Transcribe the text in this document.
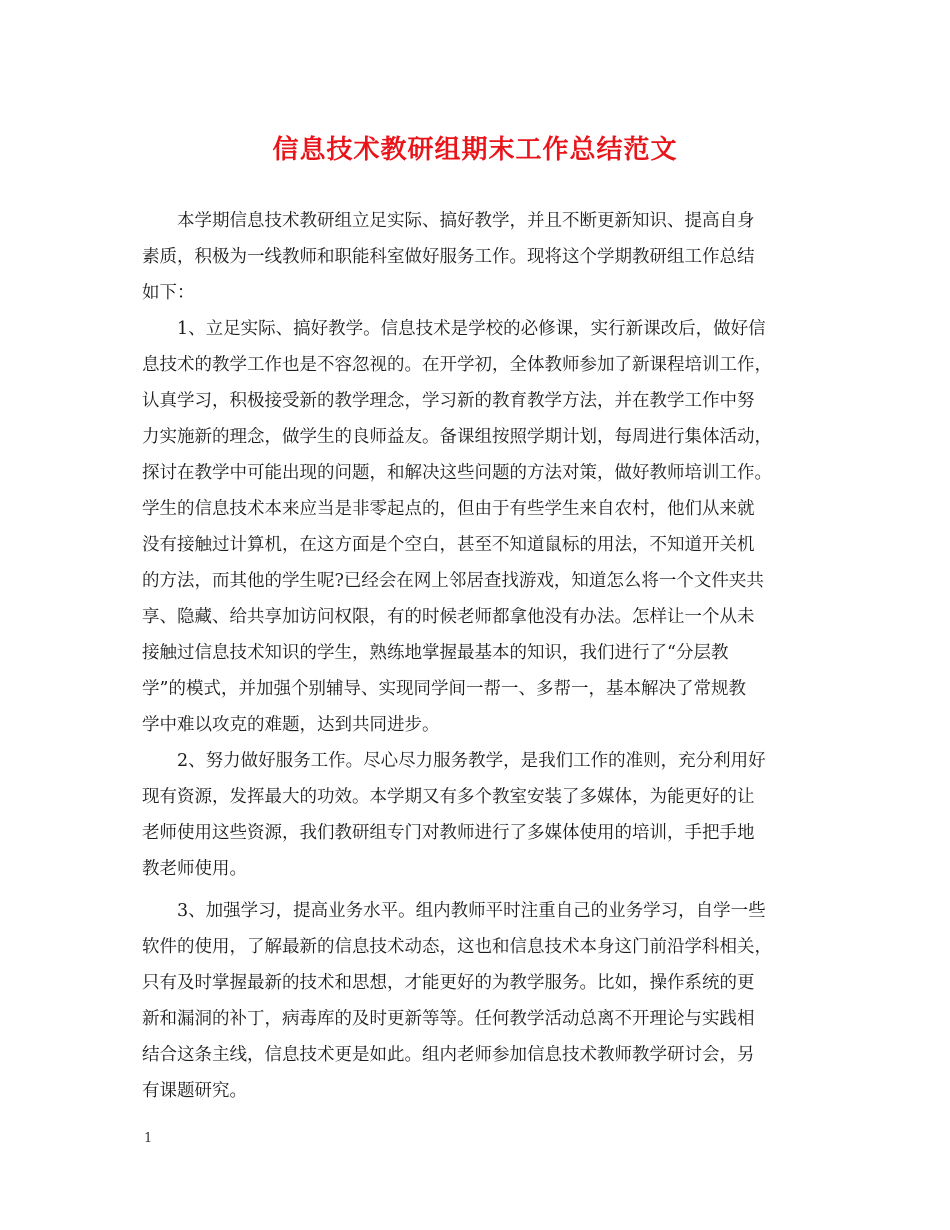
信息技术教研组期末工作总结范文
本学期信息技术教研组立足实际、搞好教学，并且不断更新知识、提高自身
素质，积极为一线教师和职能科室做好服务工作。现将这个学期教研组工作总结
如下：
1、立足实际、搞好教学。信息技术是学校的必修课，实行新课改后，做好信
息技术的教学工作也是不容忽视的。在开学初，全体教师参加了新课程培训工作，
认真学习，积极接受新的教学理念，学习新的教育教学方法，并在教学工作中努
力实施新的理念，做学生的良师益友。备课组按照学期计划，每周进行集体活动，
探讨在教学中可能出现的问题，和解决这些问题的方法对策，做好教师培训工作。
学生的信息技术本来应当是非零起点的，但由于有些学生来自农村，他们从来就
没有接触过计算机，在这方面是个空白，甚至不知道鼠标的用法，不知道开关机
的方法，而其他的学生呢?已经会在网上邻居查找游戏，知道怎么将一个文件夹共
享、隐藏、给共享加访问权限，有的时候老师都拿他没有办法。怎样让一个从未
接触过信息技术知识的学生，熟练地掌握最基本的知识，我们进行了“分层教
学”的模式，并加强个别辅导、实现同学间一帮一、多帮一，基本解决了常规教
学中难以攻克的难题，达到共同进步。
2、努力做好服务工作。尽心尽力服务教学，是我们工作的准则，充分利用好
现有资源，发挥最大的功效。本学期又有多个教室安装了多媒体，为能更好的让
老师使用这些资源，我们教研组专门对教师进行了多媒体使用的培训，手把手地
教老师使用。
3、加强学习，提高业务水平。组内教师平时注重自己的业务学习，自学一些
软件的使用，了解最新的信息技术动态，这也和信息技术本身这门前沿学科相关，
只有及时掌握最新的技术和思想，才能更好的为教学服务。比如，操作系统的更
新和漏洞的补丁，病毒库的及时更新等等。任何教学活动总离不开理论与实践相
结合这条主线，信息技术更是如此。组内老师参加信息技术教师教学研讨会，另
有课题研究。
1
